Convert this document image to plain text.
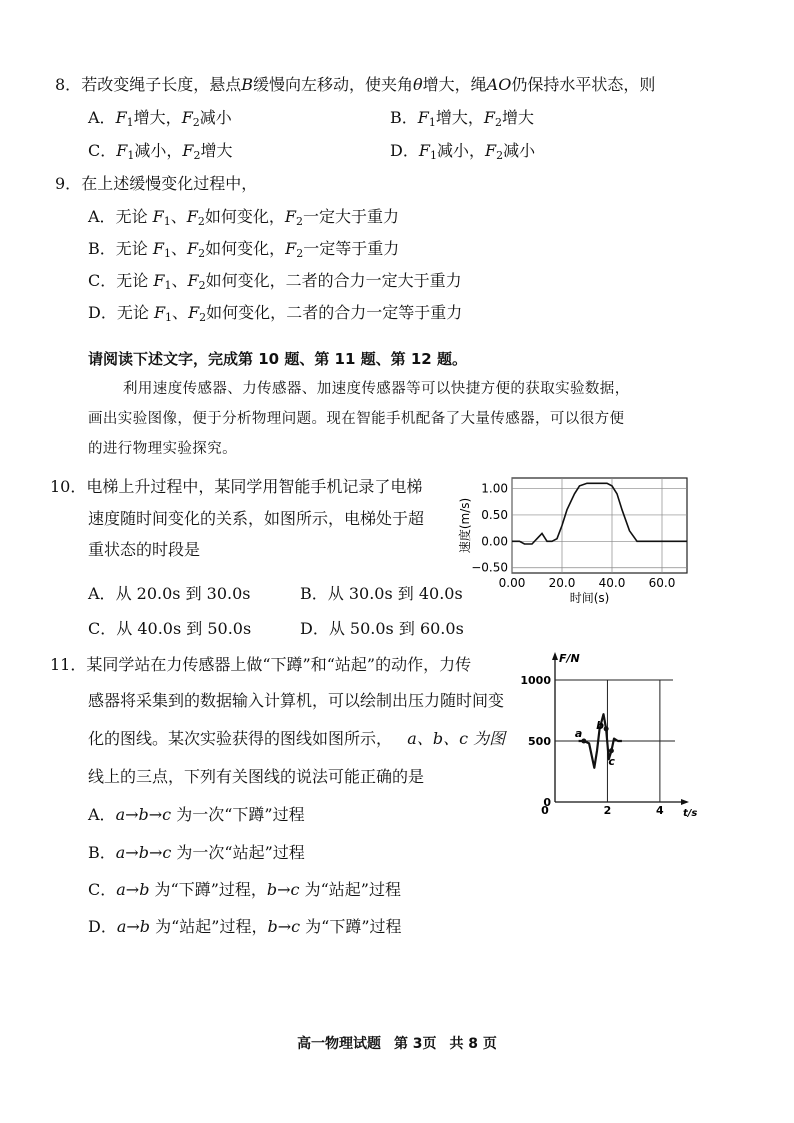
8．若改变绳子长度，悬点B缓慢向左移动，使夹角θ增大，绳AO仍保持水平状态，则
A．$F_1$增大，$F_2$减小	B．$F_1$增大，$F_2$增大
C．$F_1$减小，$F_2$增大	D．$F_1$减小，$F_2$减小
9．在上述缓慢变化过程中，
A．无论 $F_1$、$F_2$如何变化，$F_2$一定大于重力
B．无论 $F_1$、$F_2$如何变化，$F_2$一定等于重力
C．无论 $F_1$、$F_2$如何变化，二者的合力一定大于重力
D．无论 $F_1$、$F_2$如何变化，二者的合力一定等于重力
请阅读下述文字，完成第 10 题、第 11 题、第 12 题。
利用速度传感器、力传感器、加速度传感器等可以快捷方便的获取实验数据，
画出实验图像，便于分析物理问题。现在智能手机配备了大量传感器，可以很方便
的进行物理实验探究。
10．电梯上升过程中，某同学用智能手机记录了电梯
速度随时间变化的关系，如图所示，电梯处于超
重状态的时段是
A．从 20.0s 到 30.0s	B．从 30.0s 到 40.0s
C．从 40.0s 到 50.0s	D．从 50.0s 到 60.0s
1.00
0.50
0.00
−0.50
0.00 20.0 40.0 60.0
时间(s)
速度(m/s)
11．某同学站在力传感器上做“下蹲”和“站起”的动作，力传
感器将采集到的数据输入计算机，可以绘制出压力随时间变
化的图线。某次实验获得的图线如图所示， a、b、c 为图
线上的三点，下列有关图线的说法可能正确的是
A．a→b→c 为一次“下蹲”过程
B．a→b→c 为一次“站起”过程
C．a→b 为“下蹲”过程，b→c 为“站起”过程
D．a→b 为“站起”过程，b→c 为“下蹲”过程
F/N
t/s
1000
500
0
0	2	4
a
b
c
高一物理试题 第 3页 共 8 页
